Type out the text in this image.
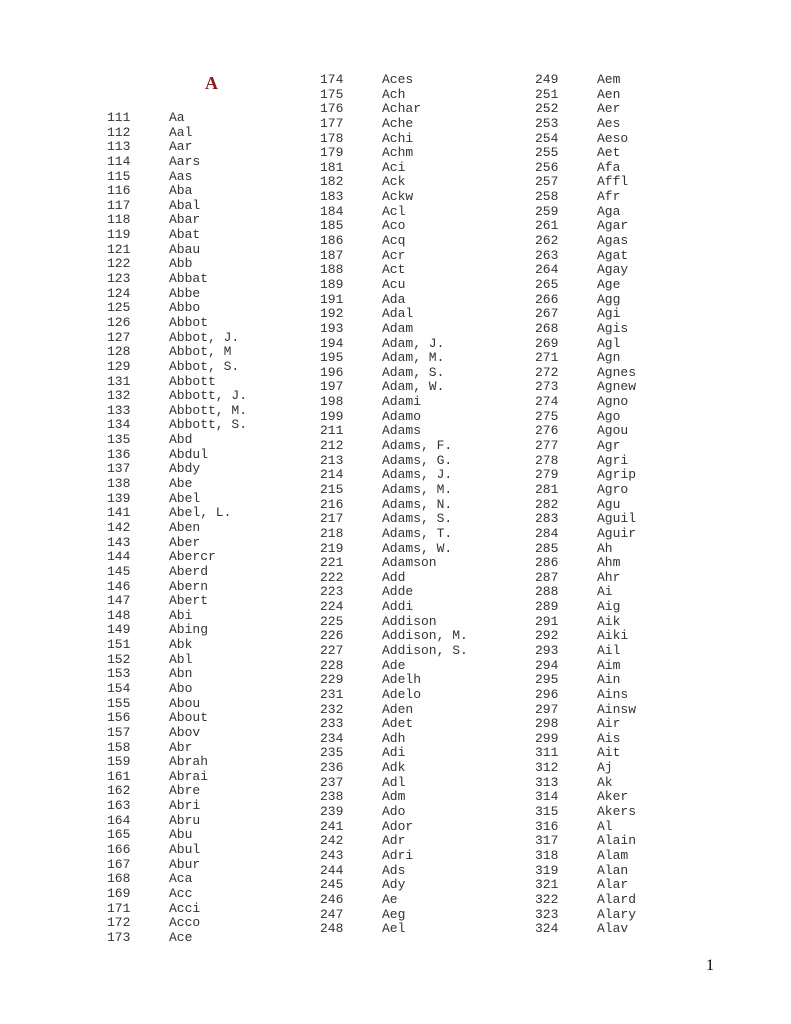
A
111	Aa
112	Aal
113	Aar
114	Aars
115	Aas
116	Aba
117	Abal
118	Abar
119	Abat
121	Abau
122	Abb
123	Abbat
124	Abbe
125	Abbo
126	Abbot
127	Abbot, J.
128	Abbot, M
129	Abbot, S.
131	Abbott
132	Abbott, J.
133	Abbott, M.
134	Abbott, S.
135	Abd
136	Abdul
137	Abdy
138	Abe
139	Abel
141	Abel, L.
142	Aben
143	Aber
144	Abercr
145	Aberd
146	Abern
147	Abert
148	Abi
149	Abing
151	Abk
152	Abl
153	Abn
154	Abo
155	Abou
156	About
157	Abov
158	Abr
159	Abrah
161	Abrai
162	Abre
163	Abri
164	Abru
165	Abu
166	Abul
167	Abur
168	Aca
169	Acc
171	Acci
172	Acco
173	Ace
174	Aces
175	Ach
176	Achar
177	Ache
178	Achi
179	Achm
181	Aci
182	Ack
183	Ackw
184	Acl
185	Aco
186	Acq
187	Acr
188	Act
189	Acu
191	Ada
192	Adal
193	Adam
194	Adam, J.
195	Adam, M.
196	Adam, S.
197	Adam, W.
198	Adami
199	Adamo
211	Adams
212	Adams, F.
213	Adams, G.
214	Adams, J.
215	Adams, M.
216	Adams, N.
217	Adams, S.
218	Adams, T.
219	Adams, W.
221	Adamson
222	Add
223	Adde
224	Addi
225	Addison
226	Addison, M.
227	Addison, S.
228	Ade
229	Adelh
231	Adelo
232	Aden
233	Adet
234	Adh
235	Adi
236	Adk
237	Adl
238	Adm
239	Ado
241	Ador
242	Adr
243	Adri
244	Ads
245	Ady
246	Ae
247	Aeg
248	Ael
249	Aem
251	Aen
252	Aer
253	Aes
254	Aeso
255	Aet
256	Afa
257	Affl
258	Afr
259	Aga
261	Agar
262	Agas
263	Agat
264	Agay
265	Age
266	Agg
267	Agi
268	Agis
269	Agl
271	Agn
272	Agnes
273	Agnew
274	Agno
275	Ago
276	Agou
277	Agr
278	Agri
279	Agrip
281	Agro
282	Agu
283	Aguil
284	Aguir
285	Ah
286	Ahm
287	Ahr
288	Ai
289	Aig
291	Aik
292	Aiki
293	Ail
294	Aim
295	Ain
296	Ains
297	Ainsw
298	Air
299	Ais
311	Ait
312	Aj
313	Ak
314	Aker
315	Akers
316	Al
317	Alain
318	Alam
319	Alan
321	Alar
322	Alard
323	Alary
324	Alav
1
